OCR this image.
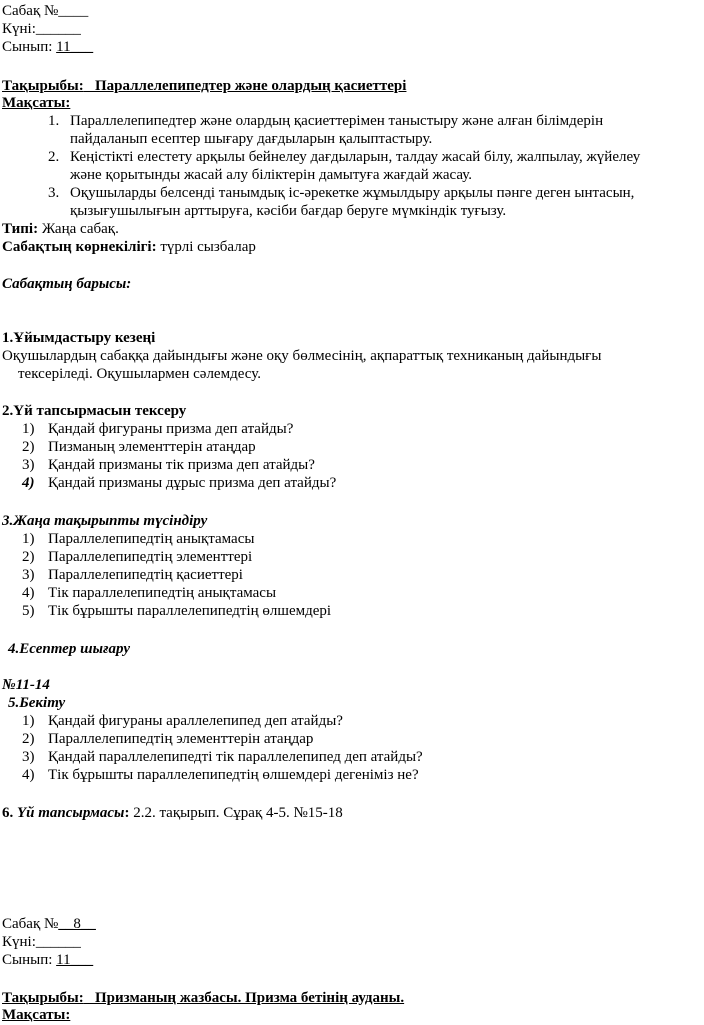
Сабақ №____
Күні:______
Сынып: 11___
Тақырыбы: Параллелепипедтер және олардың қасиеттері
Мақсаты:
1. Параллелепипедтер және олардың қасиеттерімен таныстыру және алған білімдерін
пайдаланып есептер шығару дағдыларын қалыптастыру.
2. Кеңістікті елестету арқылы бейнелеу дағдыларын, талдау жасай білу, жалпылау, жүйелеу
және қорытынды жасай алу біліктерін дамытуға жағдай жасау.
3. Оқушыларды белсенді танымдық іс-әрекетке жұмылдыру арқылы пәнге деген ынтасын,
қызығушылығын арттыруға, кәсіби бағдар беруге мүмкіндік туғызу.
Типі: Жаңа сабақ.
Сабақтың көрнекілігі: түрлі сызбалар
Сабақтың барысы:
1.Ұйымдастыру кезеңі
Оқушылардың сабаққа дайындығы және оқу бөлмесінің, ақпараттық техниканың дайындығы
тексеріледі. Оқушылармен сәлемдесу.
2.Үй тапсырмасын тексеру
1) Қандай фигураны призма деп атайды?
2) Пизманың элементтерін атаңдар
3) Қандай призманы тік призма деп атайды?
4) Қандай призманы дұрыс призма деп атайды?
3.Жаңа тақырыпты түсіндіру
1) Параллелепипедтің анықтамасы
2) Параллелепипедтің элементтері
3) Параллелепипедтің қасиеттері
4) Тік параллелепипедтің анықтамасы
5) Тік бұрышты параллелепипедтің өлшемдері
4.Есептер шығару
№11-14
5.Бекіту
1) Қандай фигураны араллелепипед деп атайды?
2) Параллелепипедтің элементтерін атаңдар
3) Қандай параллелепипедті тік параллелепипед деп атайды?
4) Тік бұрышты параллелепипедтің өлшемдері дегеніміз не?
6. Үй тапсырмасы: 2.2. тақырып. Сұрақ 4-5. №15-18
Сабақ №__8__
Күні:______
Сынып: 11___
Тақырыбы: Призманың жазбасы. Призма бетінің ауданы.
Мақсаты:
